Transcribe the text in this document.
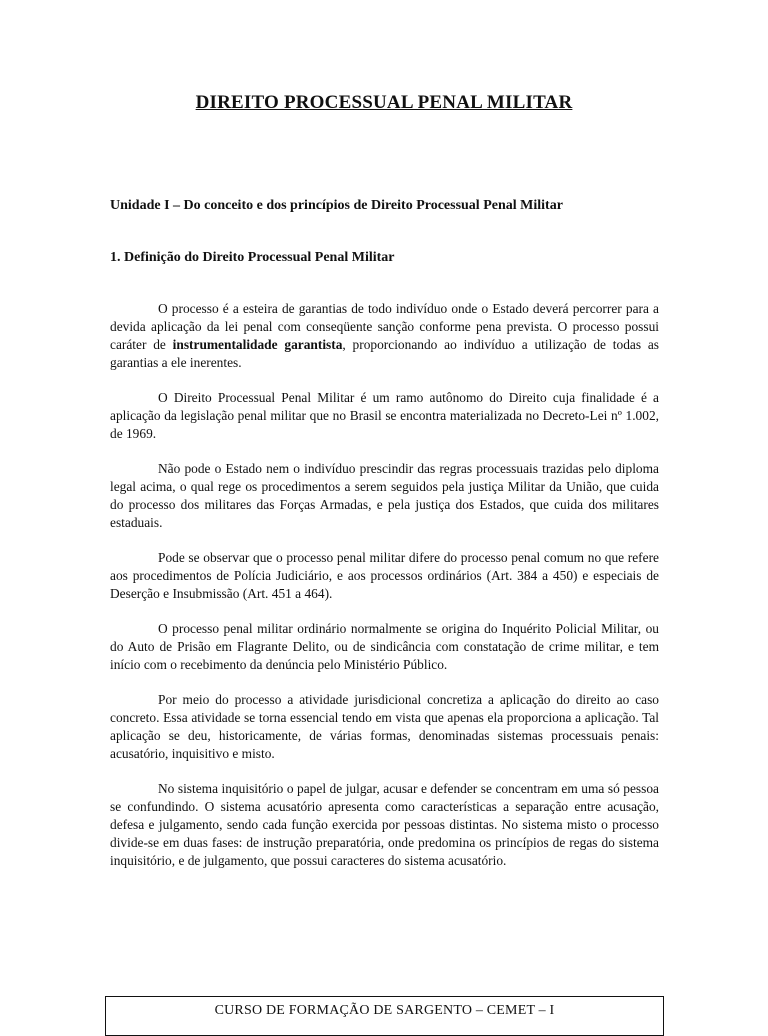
DIREITO PROCESSUAL PENAL MILITAR
Unidade I – Do conceito e dos princípios de Direito Processual Penal Militar
1. Definição do Direito Processual Penal Militar

O processo é a esteira de garantias de todo indivíduo onde o Estado deverá percorrer para a devida aplicação da lei penal com conseqüente sanção conforme pena prevista. O processo possui caráter de instrumentalidade garantista, proporcionando ao indivíduo a utilização de todas as garantias a ele inerentes.

O Direito Processual Penal Militar é um ramo autônomo do Direito cuja finalidade é a aplicação da legislação penal militar que no Brasil se encontra materializada no Decreto-Lei nº 1.002, de 1969.

Não pode o Estado nem o indivíduo prescindir das regras processuais trazidas pelo diploma legal acima, o qual rege os procedimentos a serem seguidos pela justiça Militar da União, que cuida do processo dos militares das Forças Armadas, e pela justiça dos Estados, que cuida dos militares estaduais.

Pode se observar que o processo penal militar difere do processo penal comum no que refere aos procedimentos de Polícia Judiciário, e aos processos ordinários (Art. 384 a 450) e especiais de Deserção e Insubmissão (Art. 451 a 464).

O processo penal militar ordinário normalmente se origina do Inquérito Policial Militar, ou do Auto de Prisão em Flagrante Delito, ou de sindicância com constatação de crime militar, e tem início com o recebimento da denúncia pelo Ministério Público.

Por meio do processo a atividade jurisdicional concretiza a aplicação do direito ao caso concreto. Essa atividade se torna essencial tendo em vista que apenas ela proporciona a aplicação. Tal aplicação se deu, historicamente, de várias formas, denominadas sistemas processuais penais: acusatório, inquisitivo e misto.

No sistema inquisitório o papel de julgar, acusar e defender se concentram em uma só pessoa se confundindo. O sistema acusatório apresenta como características a separação entre acusação, defesa e julgamento, sendo cada função exercida por pessoas distintas. No sistema misto o processo divide-se em duas fases: de instrução preparatória, onde predomina os princípios de regas do sistema inquisitório, e de julgamento, que possui caracteres do sistema acusatório.

CURSO DE FORMAÇÃO DE SARGENTO – CEMET – I
